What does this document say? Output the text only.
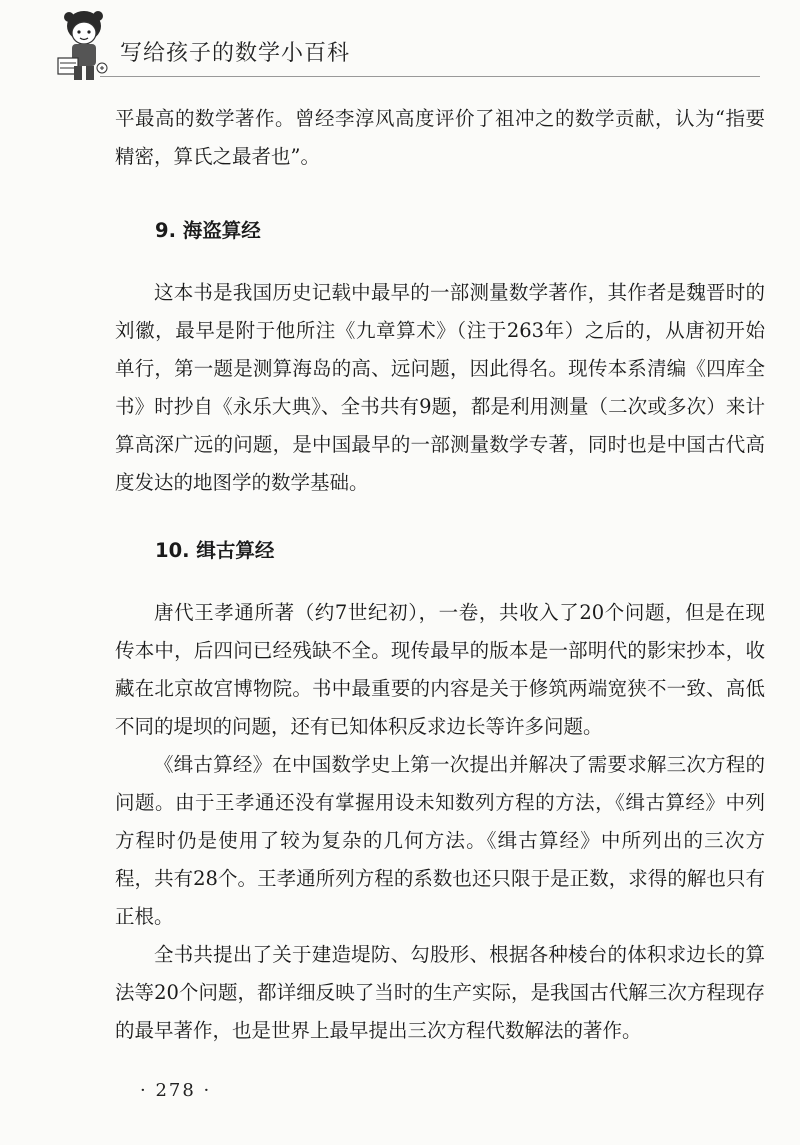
写给孩子的数学小百科

平最高的数学著作。曾经李淳风高度评价了祖冲之的数学贡献，认为“指要精密，算氏之最者也”。

9. 海盗算经

这本书是我国历史记载中最早的一部测量数学著作，其作者是魏晋时的刘徽，最早是附于他所注《九章算术》（注于263年）之后的，从唐初开始单行，第一题是测算海岛的高、远问题，因此得名。现传本系清编《四库全书》时抄自《永乐大典》、全书共有9题，都是利用测量（二次或多次）来计算高深广远的问题，是中国最早的一部测量数学专著，同时也是中国古代高度发达的地图学的数学基础。

10. 缉古算经

唐代王孝通所著（约7世纪初），一卷，共收入了20个问题，但是在现传本中，后四问已经残缺不全。现传最早的版本是一部明代的影宋抄本，收藏在北京故宫博物院。书中最重要的内容是关于修筑两端宽狭不一致、高低不同的堤坝的问题，还有已知体积反求边长等许多问题。

《缉古算经》在中国数学史上第一次提出并解决了需要求解三次方程的问题。由于王孝通还没有掌握用设未知数列方程的方法，《缉古算经》中列方程时仍是使用了较为复杂的几何方法。《缉古算经》中所列出的三次方程，共有28个。王孝通所列方程的系数也还只限于是正数，求得的解也只有正根。

全书共提出了关于建造堤防、勾股形、根据各种棱台的体积求边长的算法等20个问题，都详细反映了当时的生产实际，是我国古代解三次方程现存的最早著作，也是世界上最早提出三次方程代数解法的著作。

· 278 ·
